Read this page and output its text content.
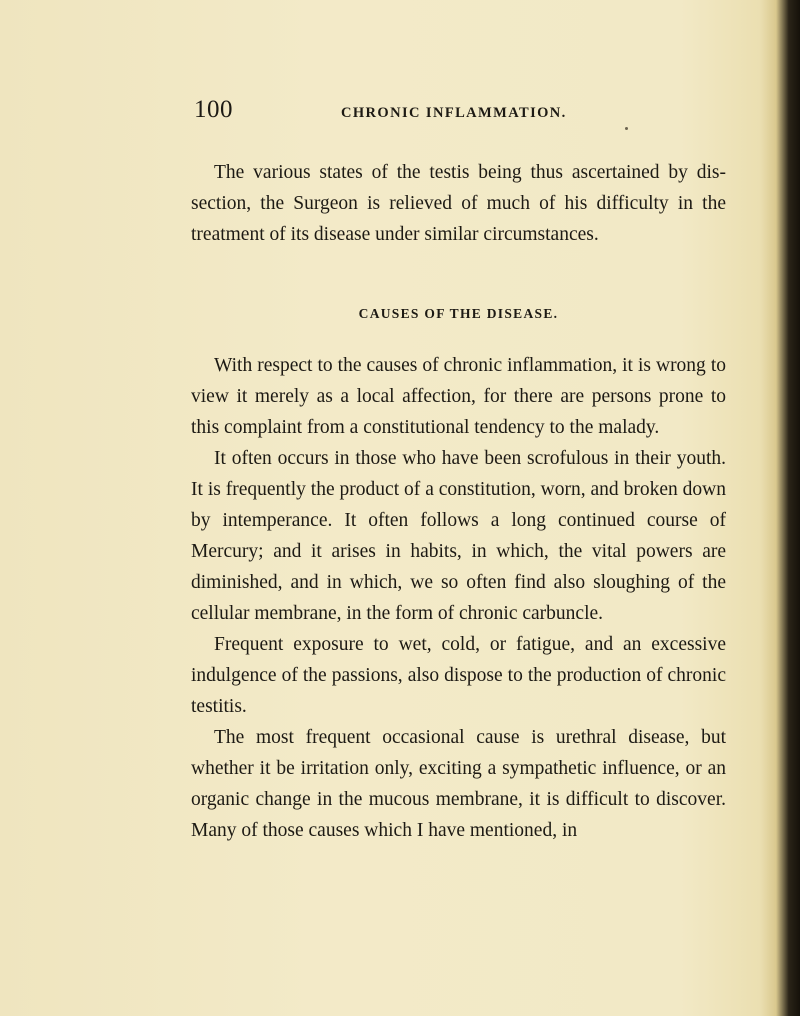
100	CHRONIC INFLAMMATION.

The various states of the testis being thus ascertained by dissection, the Surgeon is relieved of much of his difficulty in the treatment of its disease under similar circumstances.

CAUSES OF THE DISEASE.

With respect to the causes of chronic inflammation, it is wrong to view it merely as a local affection, for there are persons prone to this complaint from a constitutional tendency to the malady.

It often occurs in those who have been scrofulous in their youth. It is frequently the product of a constitution, worn, and broken down by intemperance. It often follows a long continued course of Mercury; and it arises in habits, in which, the vital powers are diminished, and in which, we so often find also sloughing of the cellular membrane, in the form of chronic carbuncle.

Frequent exposure to wet, cold, or fatigue, and an excessive indulgence of the passions, also dispose to the production of chronic testitis.

The most frequent occasional cause is urethral disease, but whether it be irritation only, exciting a sympathetic influence, or an organic change in the mucous membrane, it is difficult to discover. Many of those causes which I have mentioned, in
